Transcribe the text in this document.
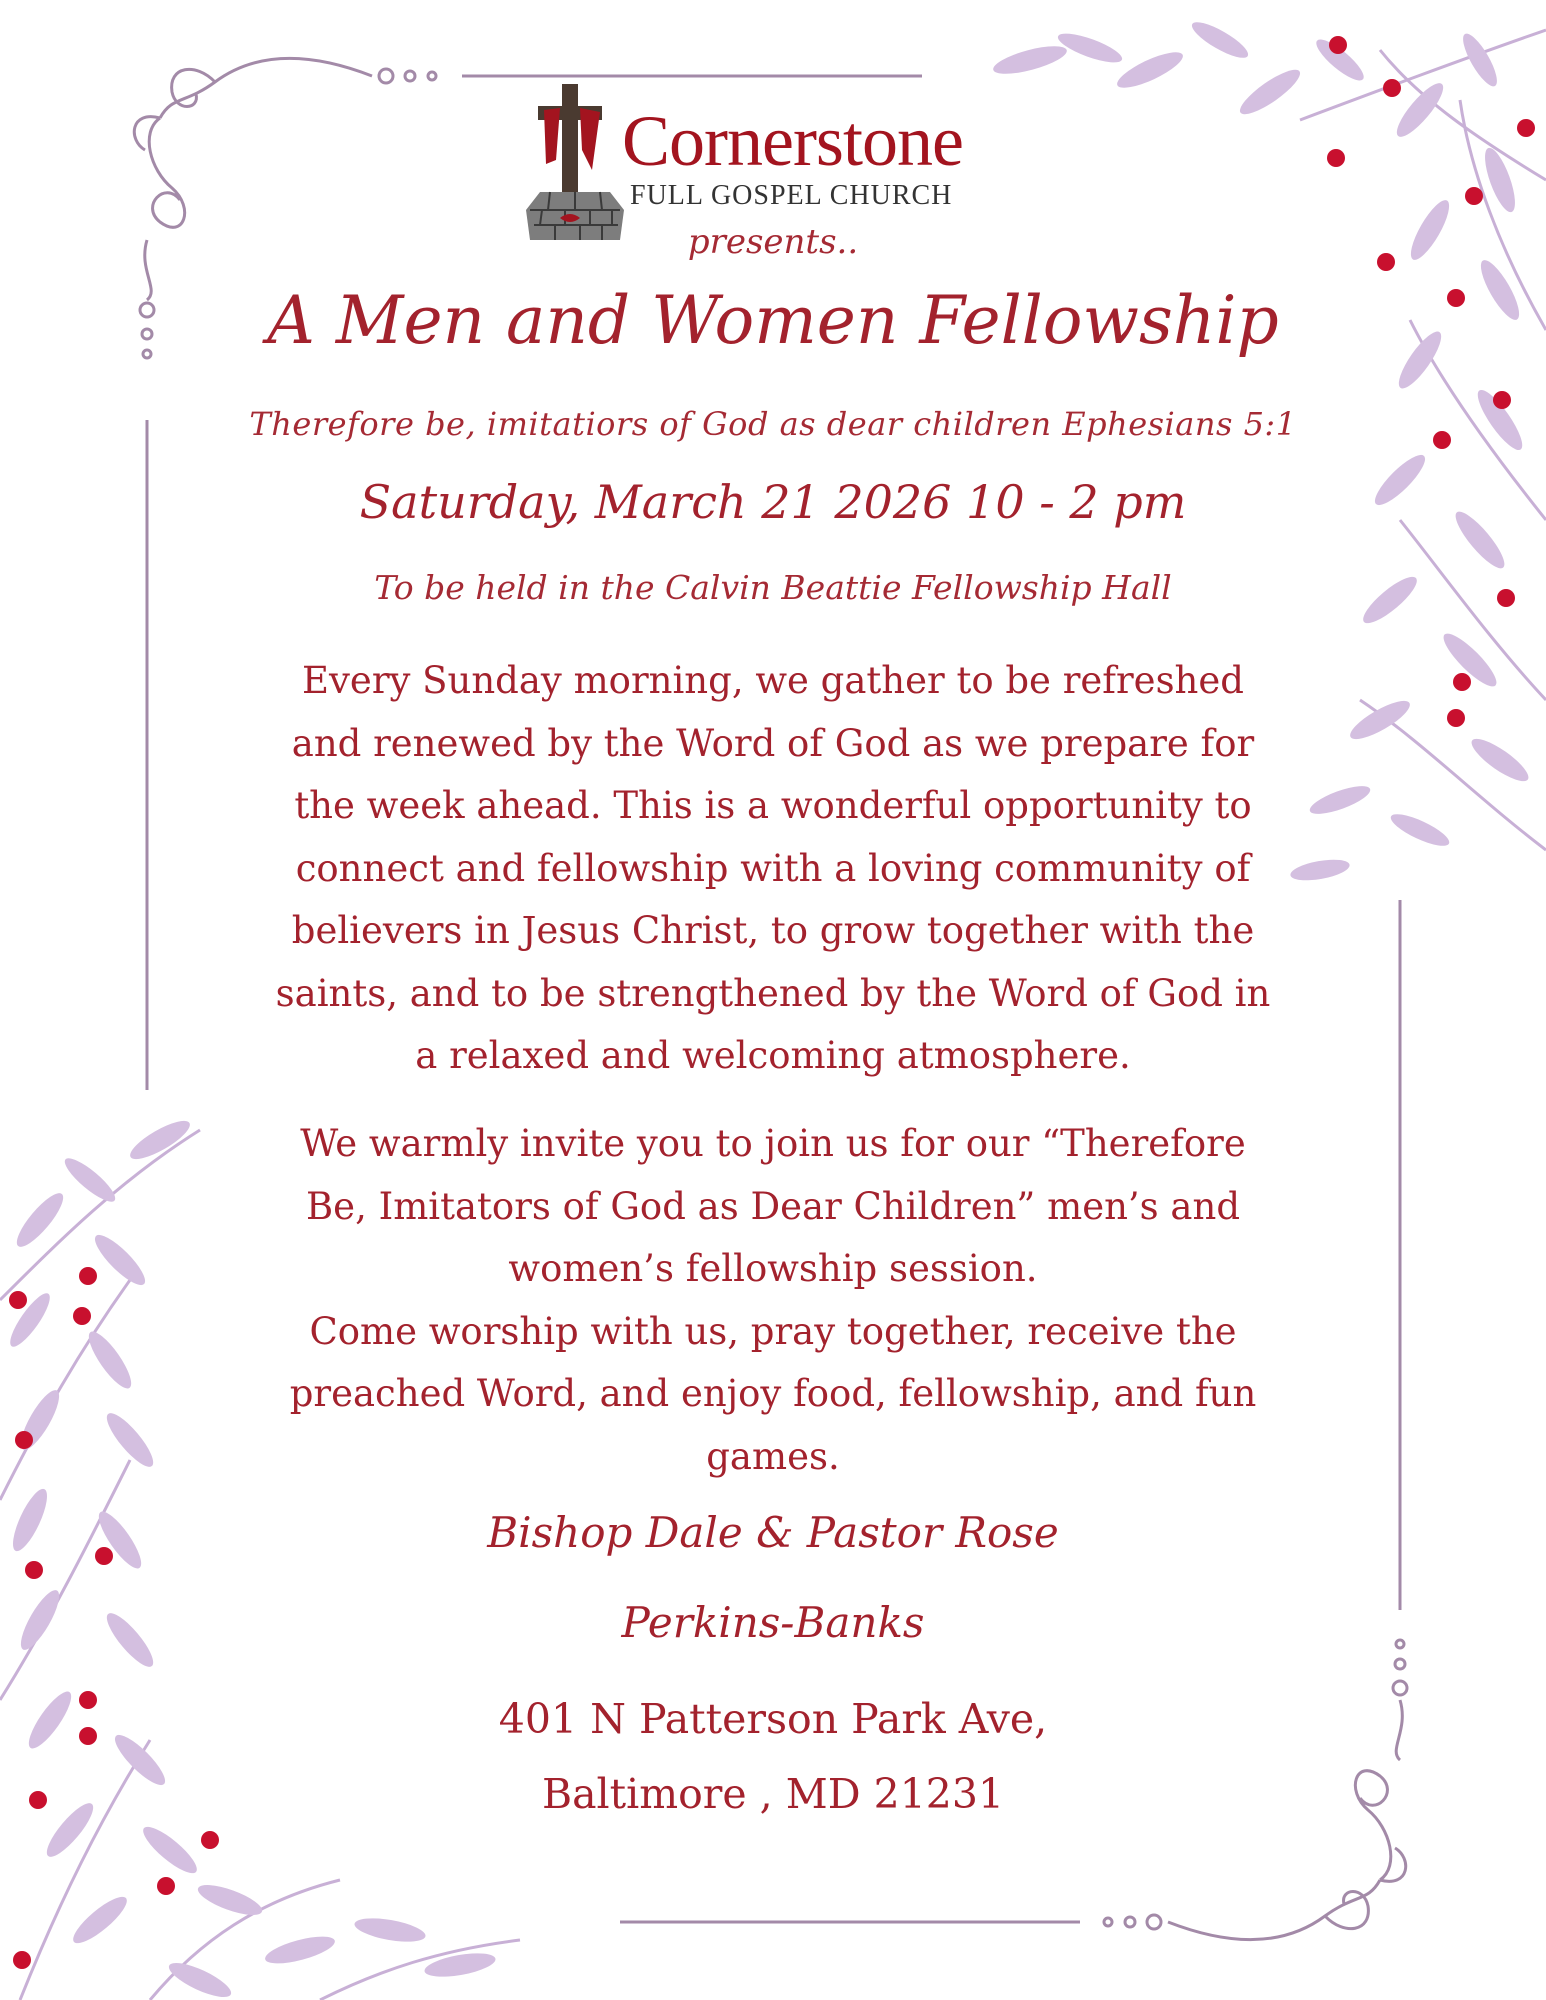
Cornerstone
FULL GOSPEL CHURCH
presents..
A Men and Women Fellowship
Therefore be, imitatiors of God as dear children Ephesians 5:1
Saturday, March 21 2026 10 - 2 pm
To be held in the Calvin Beattie Fellowship Hall
Every Sunday morning, we gather to be refreshed
and renewed by the Word of God as we prepare for
the week ahead. This is a wonderful opportunity to
connect and fellowship with a loving community of
believers in Jesus Christ, to grow together with the
saints, and to be strengthened by the Word of God in
a relaxed and welcoming atmosphere.
We warmly invite you to join us for our “Therefore
Be, Imitators of God as Dear Children” men’s and
women’s fellowship session.
Come worship with us, pray together, receive the
preached Word, and enjoy food, fellowship, and fun
games.
Bishop Dale & Pastor Rose
Perkins-Banks
401 N Patterson Park Ave,
Baltimore , MD 21231
